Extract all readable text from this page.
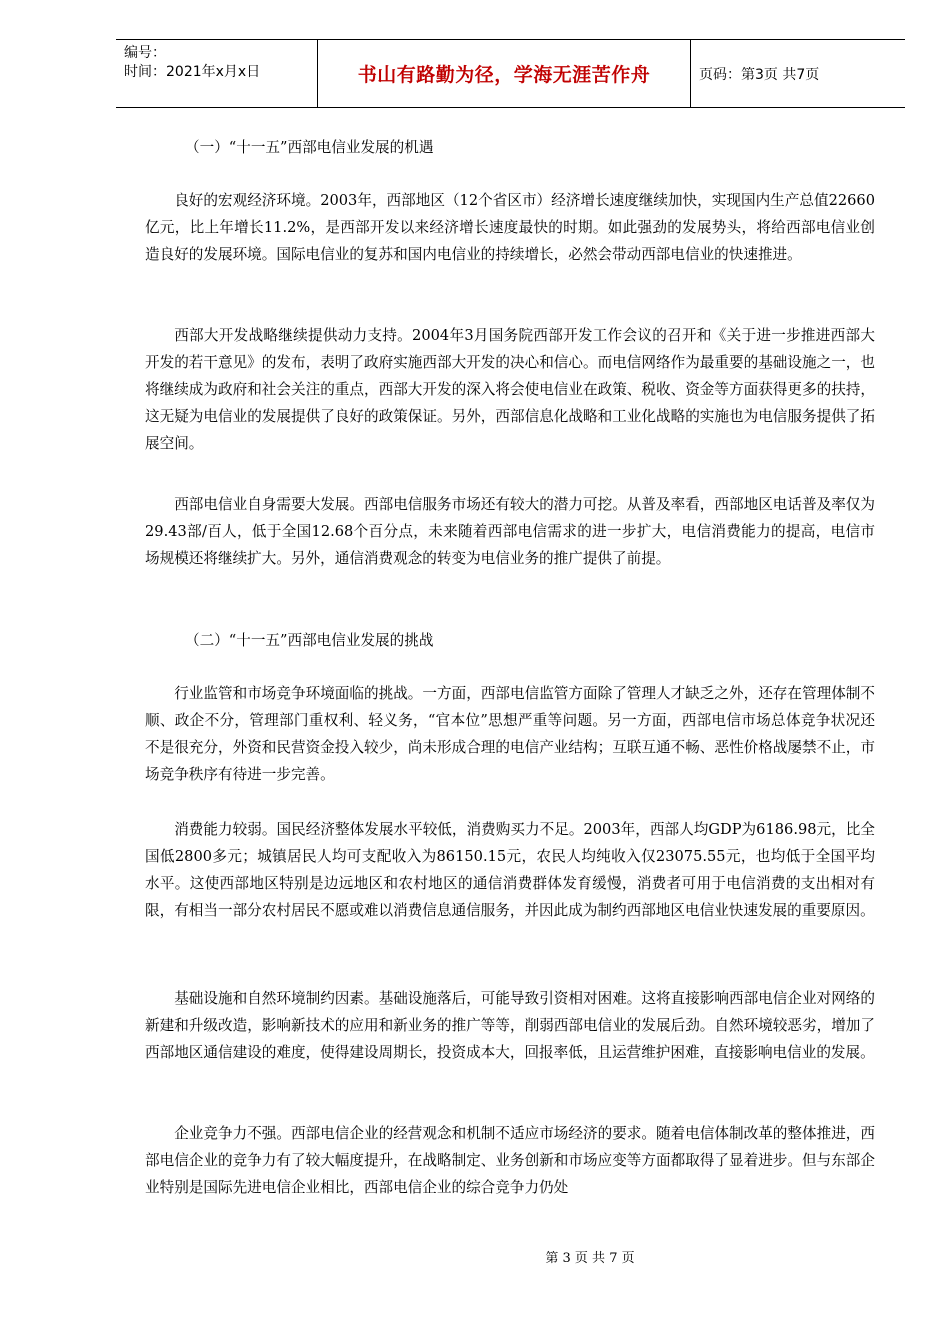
编号：
时间：2021年x月x日	书山有路勤为径，学海无涯苦作舟	页码：第3页 共7页

（一）“十一五”西部电信业发展的机遇

良好的宏观经济环境。2003年，西部地区（12个省区市）经济增长速度继续加快，实现国内生产总值22660亿元，比上年增长11.2%，是西部开发以来经济增长速度最快的时期。如此强劲的发展势头，将给西部电信业创造良好的发展环境。国际电信业的复苏和国内电信业的持续增长，必然会带动西部电信业的快速推进。

西部大开发战略继续提供动力支持。2004年3月国务院西部开发工作会议的召开和《关于进一步推进西部大开发的若干意见》的发布，表明了政府实施西部大开发的决心和信心。而电信网络作为最重要的基础设施之一，也将继续成为政府和社会关注的重点，西部大开发的深入将会使电信业在政策、税收、资金等方面获得更多的扶持，这无疑为电信业的发展提供了良好的政策保证。另外，西部信息化战略和工业化战略的实施也为电信服务提供了拓展空间。

西部电信业自身需要大发展。西部电信服务市场还有较大的潜力可挖。从普及率看，西部地区电话普及率仅为29.43部/百人，低于全国12.68个百分点，未来随着西部电信需求的进一步扩大，电信消费能力的提高，电信市场规模还将继续扩大。另外，通信消费观念的转变为电信业务的推广提供了前提。

（二）“十一五”西部电信业发展的挑战

行业监管和市场竞争环境面临的挑战。一方面，西部电信监管方面除了管理人才缺乏之外，还存在管理体制不顺、政企不分，管理部门重权利、轻义务，“官本位”思想严重等问题。另一方面，西部电信市场总体竞争状况还不是很充分，外资和民营资金投入较少，尚未形成合理的电信产业结构；互联互通不畅、恶性价格战屡禁不止，市场竞争秩序有待进一步完善。

消费能力较弱。国民经济整体发展水平较低，消费购买力不足。2003年，西部人均GDP为6186.98元，比全国低2800多元；城镇居民人均可支配收入为86150.15元，农民人均纯收入仅23075.55元，也均低于全国平均水平。这使西部地区特别是边远地区和农村地区的通信消费群体发育缓慢，消费者可用于电信消费的支出相对有限，有相当一部分农村居民不愿或难以消费信息通信服务，并因此成为制约西部地区电信业快速发展的重要原因。

基础设施和自然环境制约因素。基础设施落后，可能导致引资相对困难。这将直接影响西部电信企业对网络的新建和升级改造，影响新技术的应用和新业务的推广等等，削弱西部电信业的发展后劲。自然环境较恶劣，增加了西部地区通信建设的难度，使得建设周期长，投资成本大，回报率低，且运营维护困难，直接影响电信业的发展。

企业竞争力不强。西部电信企业的经营观念和机制不适应市场经济的要求。随着电信体制改革的整体推进，西部电信企业的竞争力有了较大幅度提升，在战略制定、业务创新和市场应变等方面都取得了显着进步。但与东部企业特别是国际先进电信企业相比，西部电信企业的综合竞争力仍处

第 3 页 共 7 页
